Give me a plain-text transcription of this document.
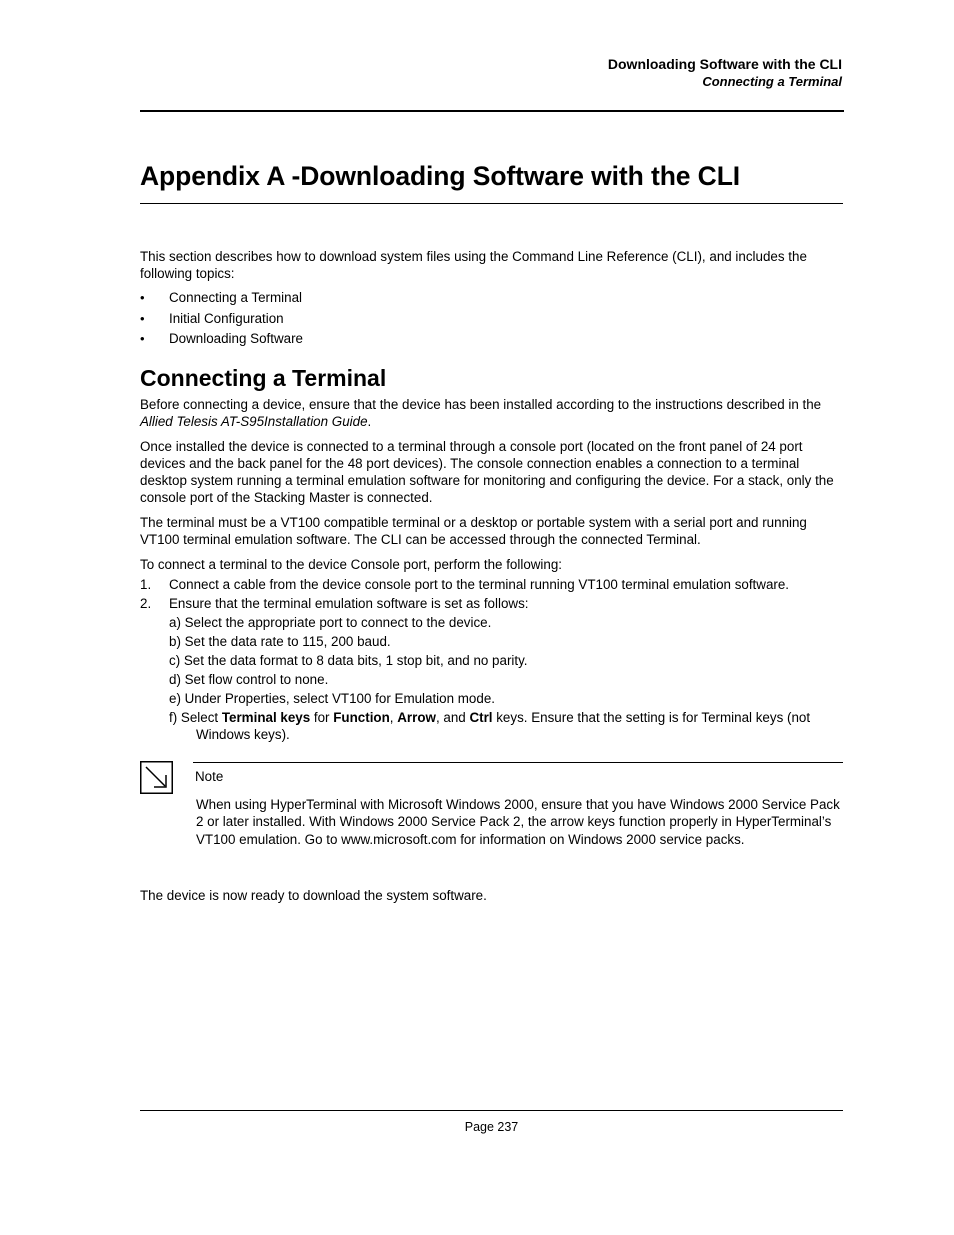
Downloading Software with the CLI
Connecting a Terminal
Appendix A -Downloading Software with the CLI

This section describes how to download system files using the Command Line Reference (CLI), and includes the following topics:

• Connecting a Terminal
• Initial Configuration
• Downloading Software
Connecting a Terminal

Before connecting a device, ensure that the device has been installed according to the instructions described in the Allied Telesis AT-S95Installation Guide.

Once installed the device is connected to a terminal through a console port (located on the front panel of 24 port devices and the back panel for the 48 port devices). The console connection enables a connection to a terminal desktop system running a terminal emulation software for monitoring and configuring the device. For a stack, only the console port of the Stacking Master is connected.

The terminal must be a VT100 compatible terminal or a desktop or portable system with a serial port and running VT100 terminal emulation software. The CLI can be accessed through the connected Terminal.

To connect a terminal to the device Console port, perform the following:

1. Connect a cable from the device console port to the terminal running VT100 terminal emulation software.
2. Ensure that the terminal emulation software is set as follows:
a) Select the appropriate port to connect to the device.
b) Set the data rate to 115, 200 baud.
c) Set the data format to 8 data bits, 1 stop bit, and no parity.
d) Set flow control to none.
e) Under Properties, select VT100 for Emulation mode.
f) Select Terminal keys for Function, Arrow, and Ctrl keys. Ensure that the setting is for Terminal keys (not Windows keys).
Note
When using HyperTerminal with Microsoft Windows 2000, ensure that you have Windows 2000 Service Pack 2 or later installed. With Windows 2000 Service Pack 2, the arrow keys function properly in HyperTerminal’s VT100 emulation. Go to www.microsoft.com for information on Windows 2000 service packs.
The device is now ready to download the system software.
Page 237
